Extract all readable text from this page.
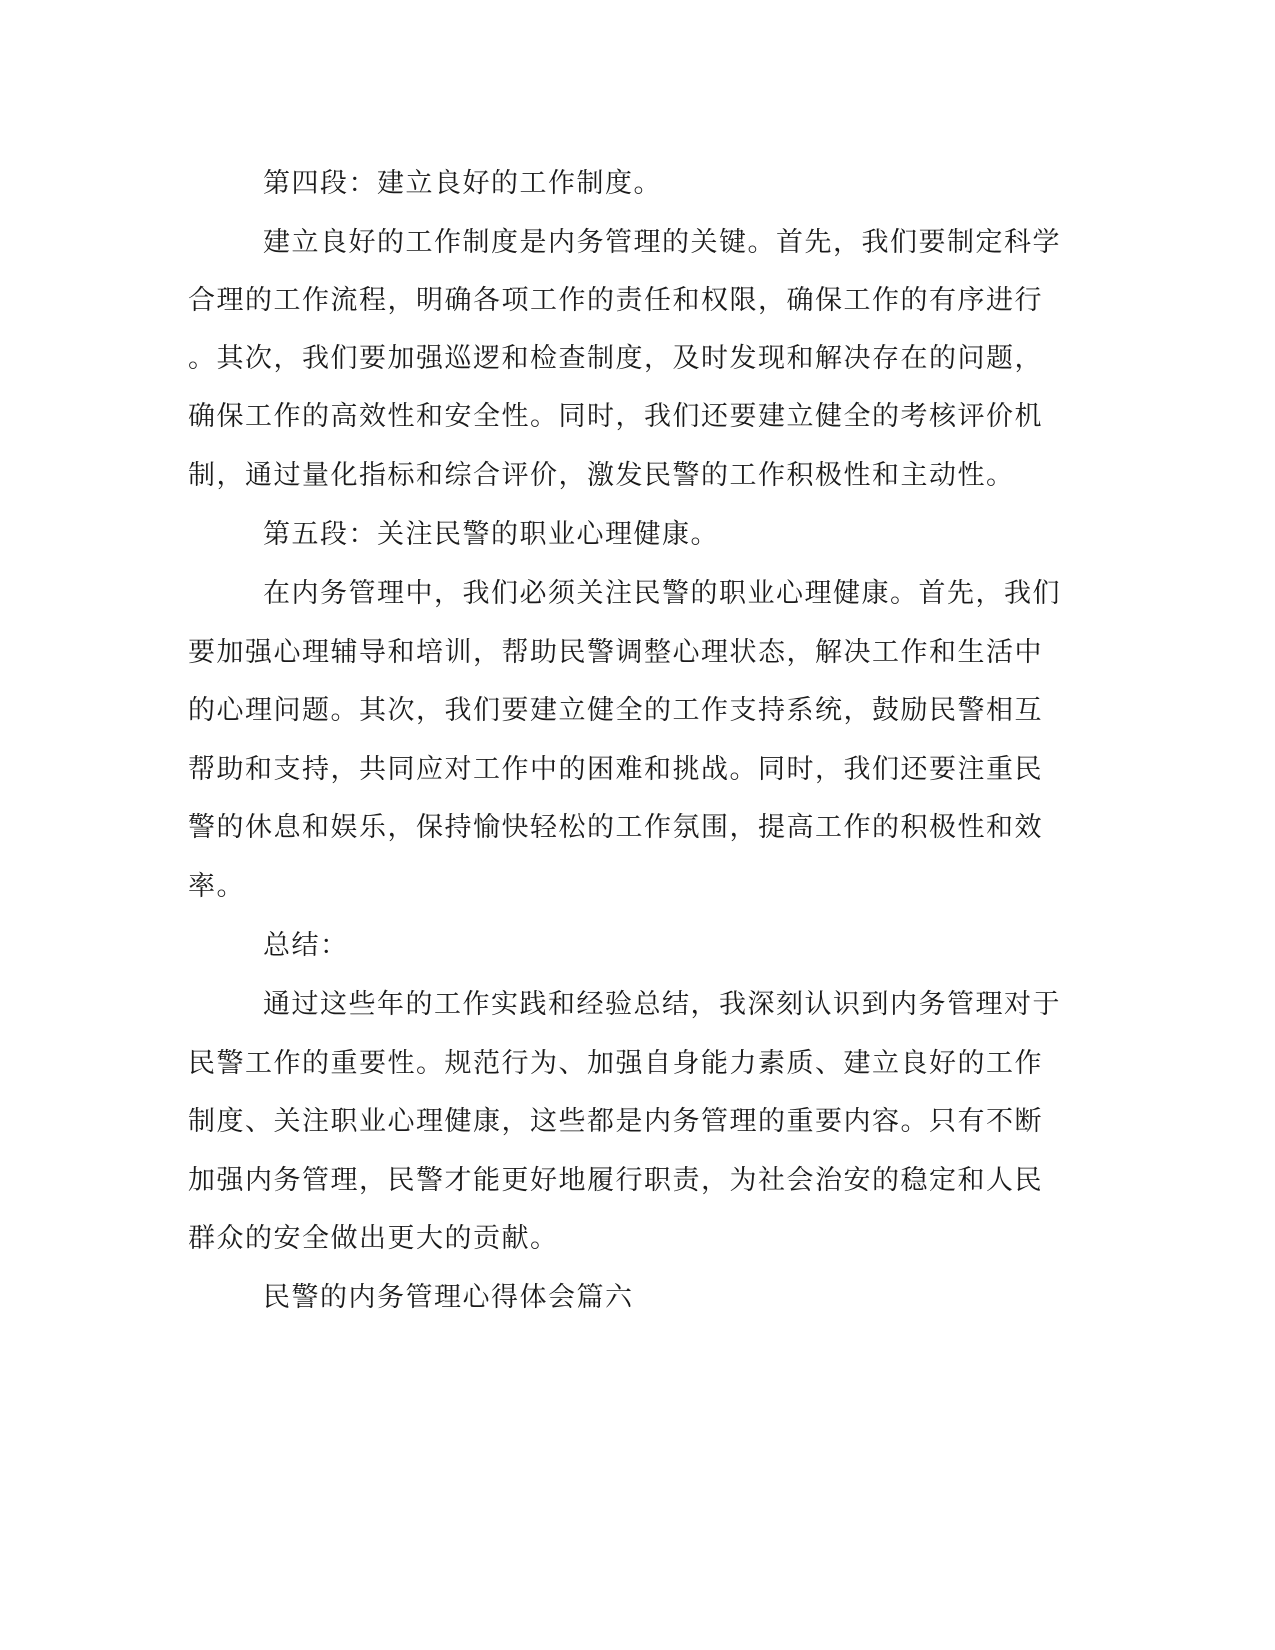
第四段：建立良好的工作制度。
建立良好的工作制度是内务管理的关键。首先，我们要制定科学
合理的工作流程，明确各项工作的责任和权限，确保工作的有序进行
。其次，我们要加强巡逻和检查制度，及时发现和解决存在的问题，
确保工作的高效性和安全性。同时，我们还要建立健全的考核评价机
制，通过量化指标和综合评价，激发民警的工作积极性和主动性。
第五段：关注民警的职业心理健康。
在内务管理中，我们必须关注民警的职业心理健康。首先，我们
要加强心理辅导和培训，帮助民警调整心理状态，解决工作和生活中
的心理问题。其次，我们要建立健全的工作支持系统，鼓励民警相互
帮助和支持，共同应对工作中的困难和挑战。同时，我们还要注重民
警的休息和娱乐，保持愉快轻松的工作氛围，提高工作的积极性和效
率。
总结：
通过这些年的工作实践和经验总结，我深刻认识到内务管理对于
民警工作的重要性。规范行为、加强自身能力素质、建立良好的工作
制度、关注职业心理健康，这些都是内务管理的重要内容。只有不断
加强内务管理，民警才能更好地履行职责，为社会治安的稳定和人民
群众的安全做出更大的贡献。
民警的内务管理心得体会篇六
